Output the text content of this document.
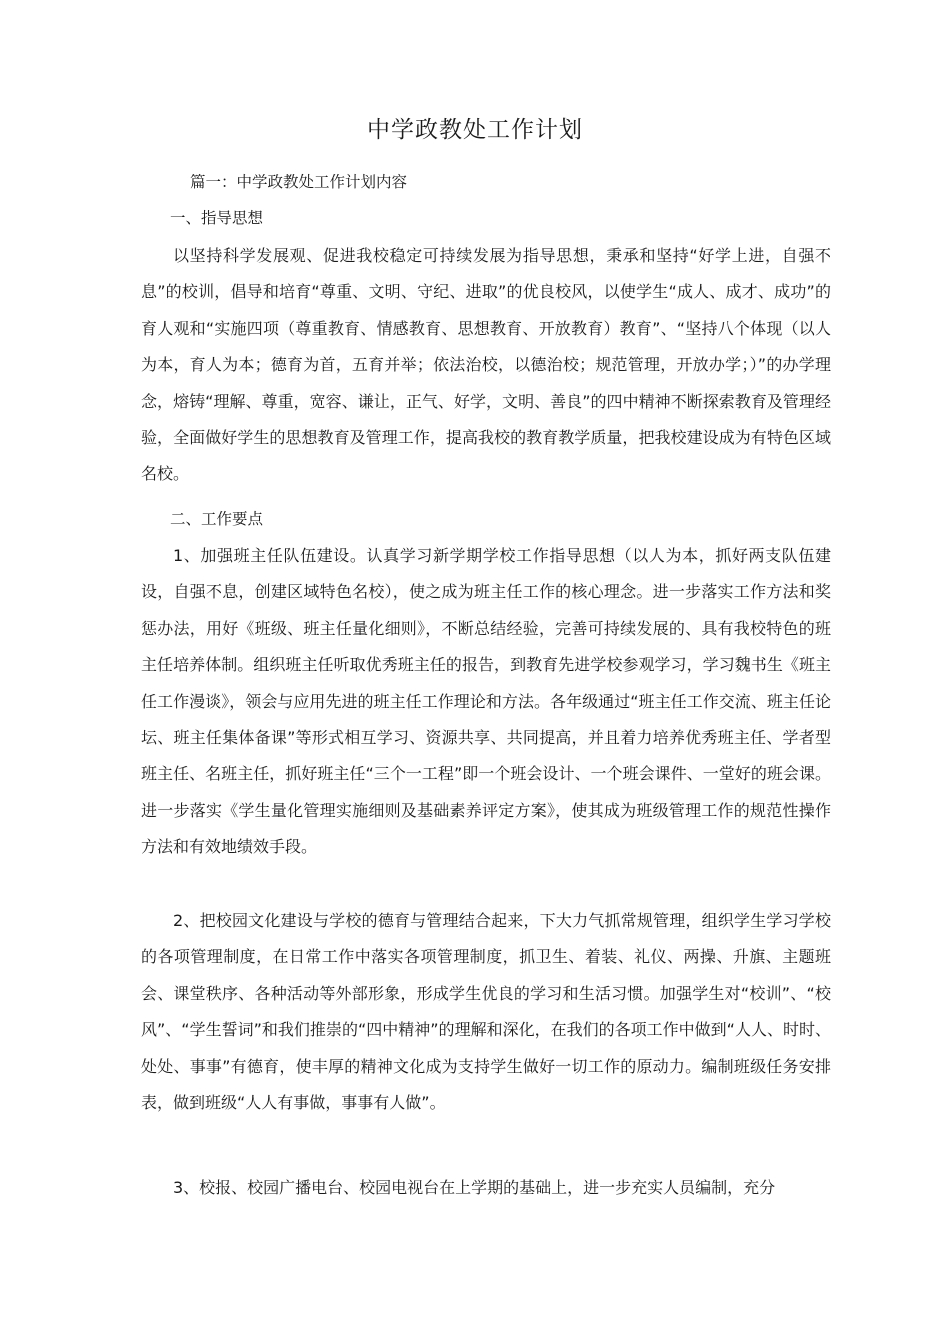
中学政教处工作计划

篇一：中学政教处工作计划内容

一、指导思想

以坚持科学发展观、促进我校稳定可持续发展为指导思想，秉承和坚持“好学上进，自强不息”的校训，倡导和培育“尊重、文明、守纪、进取”的优良校风，以使学生“成人、成才、成功”的育人观和“实施四项（尊重教育、情感教育、思想教育、开放教育）教育”、“坚持八个体现（以人为本，育人为本；德育为首，五育并举；依法治校，以德治校；规范管理，开放办学；）”的办学理念，熔铸“理解、尊重，宽容、谦让，正气、好学，文明、善良”的四中精神不断探索教育及管理经验，全面做好学生的思想教育及管理工作，提高我校的教育教学质量，把我校建设成为有特色区域名校。

二、工作要点

1、加强班主任队伍建设。认真学习新学期学校工作指导思想（以人为本，抓好两支队伍建设，自强不息，创建区域特色名校），使之成为班主任工作的核心理念。进一步落实工作方法和奖惩办法，用好《班级、班主任量化细则》，不断总结经验，完善可持续发展的、具有我校特色的班主任培养体制。组织班主任听取优秀班主任的报告，到教育先进学校参观学习，学习魏书生《班主任工作漫谈》，领会与应用先进的班主任工作理论和方法。各年级通过“班主任工作交流、班主任论坛、班主任集体备课”等形式相互学习、资源共享、共同提高，并且着力培养优秀班主任、学者型班主任、名班主任，抓好班主任“三个一工程”即一个班会设计、一个班会课件、一堂好的班会课。进一步落实《学生量化管理实施细则及基础素养评定方案》，使其成为班级管理工作的规范性操作方法和有效地绩效手段。

2、把校园文化建设与学校的德育与管理结合起来，下大力气抓常规管理，组织学生学习学校的各项管理制度，在日常工作中落实各项管理制度，抓卫生、着装、礼仪、两操、升旗、主题班会、课堂秩序、各种活动等外部形象，形成学生优良的学习和生活习惯。加强学生对“校训”、“校风”、“学生誓词”和我们推崇的“四中精神”的理解和深化，在我们的各项工作中做到“人人、时时、处处、事事”有德育，使丰厚的精神文化成为支持学生做好一切工作的原动力。编制班级任务安排表，做到班级“人人有事做，事事有人做”。

3、校报、校园广播电台、校园电视台在上学期的基础上，进一步充实人员编制，充分
